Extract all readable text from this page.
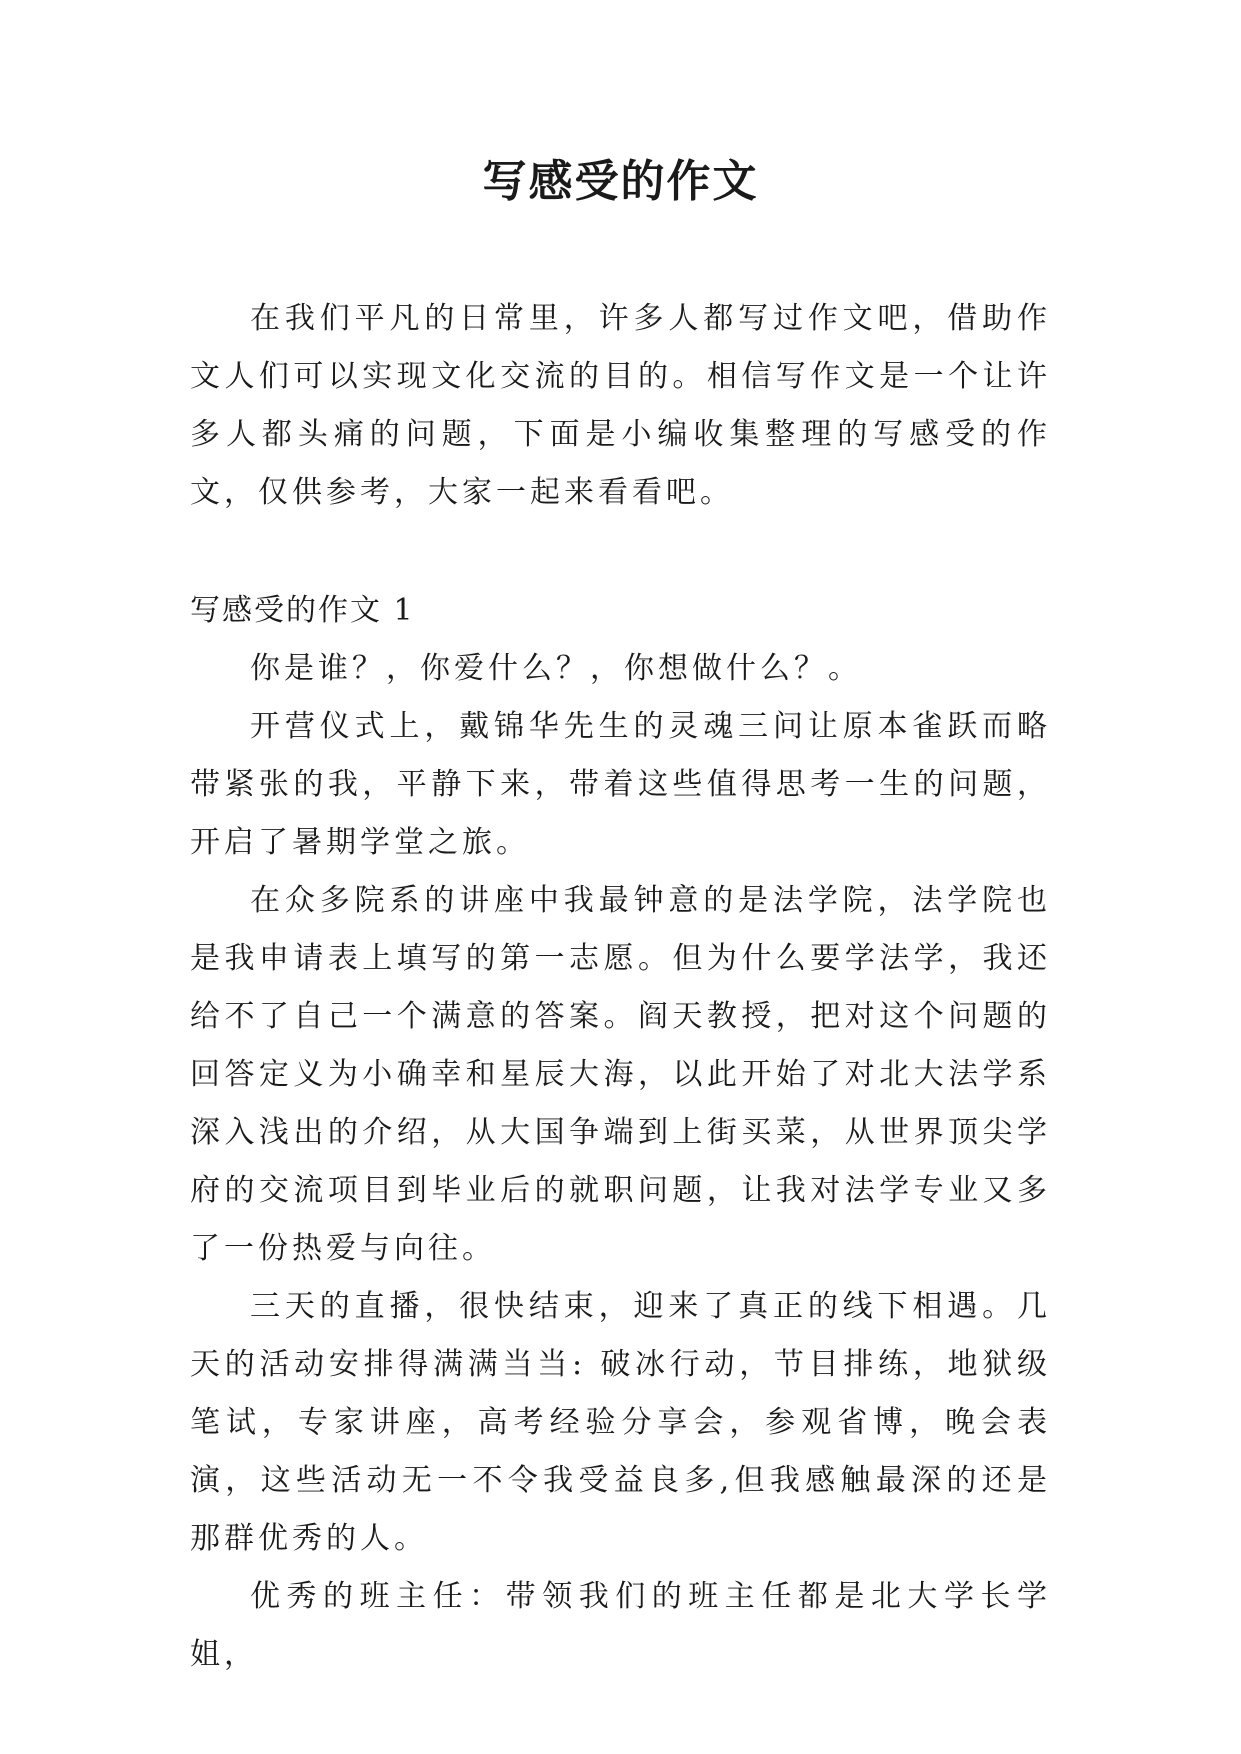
写感受的作文

在我们平凡的日常里，许多人都写过作文吧，借助作文人们可以实现文化交流的目的。相信写作文是一个让许多人都头痛的问题，下面是小编收集整理的写感受的作文，仅供参考，大家一起来看看吧。

写感受的作文 1

你是谁？，你爱什么？，你想做什么？。

开营仪式上，戴锦华先生的灵魂三问让原本雀跃而略带紧张的我，平静下来，带着这些值得思考一生的问题，开启了暑期学堂之旅。

在众多院系的讲座中我最钟意的是法学院，法学院也是我申请表上填写的第一志愿。但为什么要学法学，我还给不了自己一个满意的答案。阎天教授，把对这个问题的回答定义为小确幸和星辰大海，以此开始了对北大法学系深入浅出的介绍，从大国争端到上街买菜，从世界顶尖学府的交流项目到毕业后的就职问题，让我对法学专业又多了一份热爱与向往。

三天的直播，很快结束，迎来了真正的线下相遇。几天的活动安排得满满当当: 破冰行动，节目排练，地狱级笔试，专家讲座，高考经验分享会，参观省博，晚会表演，这些活动无一不令我受益良多,但我感触最深的还是那群优秀的人。

优秀的班主任：带领我们的班主任都是北大学长学姐，
